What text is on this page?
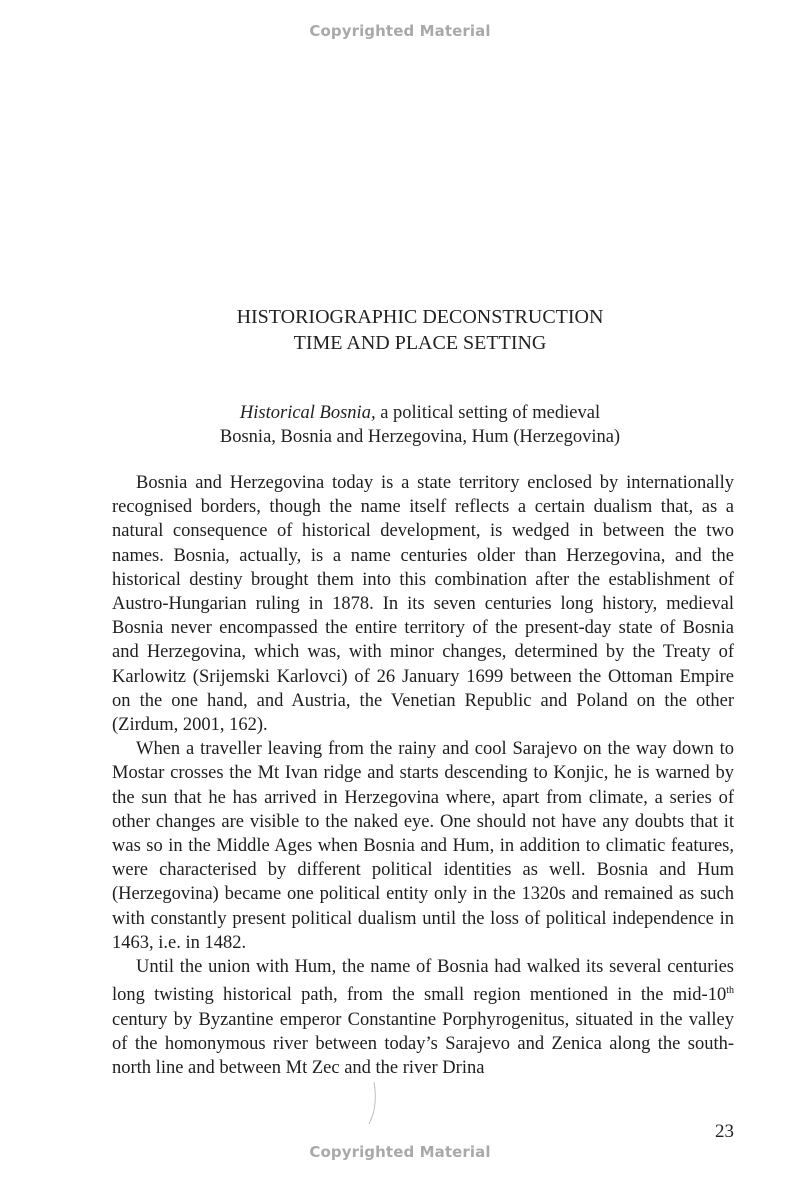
Copyrighted Material
HISTORIOGRAPHIC DECONSTRUCTION
TIME AND PLACE SETTING
Historical Bosnia, a political setting of medieval
Bosnia, Bosnia and Herzegovina, Hum (Herzegovina)

Bosnia and Herzegovina today is a state territory enclosed by internationally recognised borders, though the name itself reflects a certain dualism that, as a natural consequence of historical development, is wedged in between the two names. Bosnia, actually, is a name centuries older than Herzegovina, and the historical destiny brought them into this combination after the establishment of Austro-Hungarian ruling in 1878. In its seven centuries long history, medieval Bosnia never encompassed the entire territory of the present-day state of Bosnia and Herzegovina, which was, with minor changes, determined by the Treaty of Karlowitz (Srijemski Karlovci) of 26 January 1699 between the Ottoman Empire on the one hand, and Austria, the Venetian Republic and Poland on the other (Zirdum, 2001, 162).

When a traveller leaving from the rainy and cool Sarajevo on the way down to Mostar crosses the Mt Ivan ridge and starts descending to Konjic, he is warned by the sun that he has arrived in Herzegovina where, apart from climate, a series of other changes are visible to the naked eye. One should not have any doubts that it was so in the Middle Ages when Bosnia and Hum, in addition to climatic features, were characterised by different political identities as well. Bosnia and Hum (Herzegovina) became one political entity only in the 1320s and remained as such with constantly present political dualism until the loss of political independence in 1463, i.e. in 1482.

Until the union with Hum, the name of Bosnia had walked its several centuries long twisting historical path, from the small region mentioned in the mid-10th century by Byzantine emperor Constantine Porphyrogenitus, situated in the valley of the homonymous river between today’s Sarajevo and Zenica along the south-north line and between Mt Zec and the river Drina

23
Copyrighted Material
